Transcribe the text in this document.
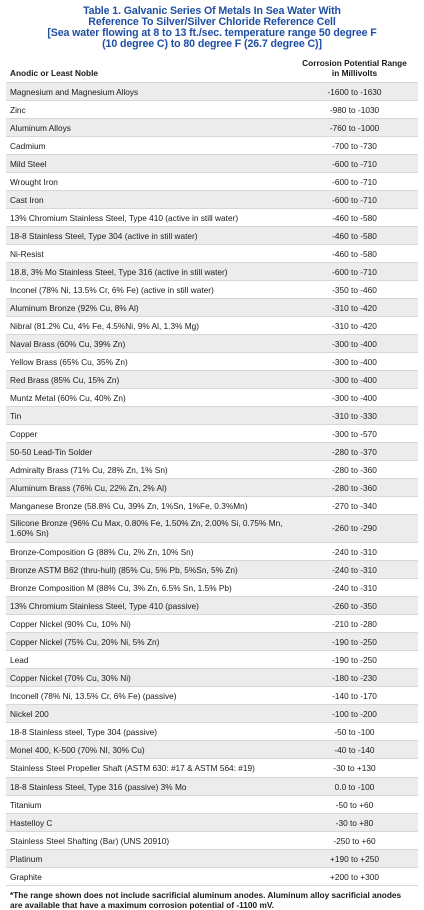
Table 1. Galvanic Series Of Metals In Sea Water With
Reference To Silver/Silver Chloride Reference Cell
[Sea water flowing at 8 to 13 ft./sec. temperature range 50 degree F
(10 degree C) to 80 degree F (26.7 degree C)]
Anodic or Least Noble	Corrosion Potential Range
in Millivolts

Magnesium and Magnesium Alloys	-1600 to -1630
Zinc	-980 to -1030
Aluminum Alloys	-760 to -1000
Cadmium	-700 to -730
Mild Steel	-600 to -710
Wrought Iron	-600 to -710
Cast Iron	-600 to -710
13% Chromium Stainless Steel, Type 410 (active in still water)	-460 to -580
18-8 Stainless Steel, Type 304 (active in still water)	-460 to -580
Ni-Resist	-460 to -580
18.8, 3% Mo Stainless Steel, Type 316 (active in still water)	-600 to -710
Inconel (78% Ni, 13.5% Cr, 6% Fe) (active in still water)	-350 to -460
Aluminum Bronze (92% Cu, 8% Al)	-310 to -420
Nibral (81.2% Cu, 4% Fe, 4.5%Ni, 9% Al, 1.3% Mg)	-310 to -420
Naval Brass (60% Cu, 39% Zn)	-300 to -400
Yellow Brass (65% Cu, 35% Zn)	-300 to -400
Red Brass (85% Cu, 15% Zn)	-300 to -400
Muntz Metal (60% Cu, 40% Zn)	-300 to -400
Tin	-310 to -330
Copper	-300 to -570
50-50 Lead-Tin Solder	-280 to -370
Admiralty Brass (71% Cu, 28% Zn, 1% Sn)	-280 to -360
Aluminum Brass (76% Cu, 22% Zn, 2% Al)	-280 to -360
Manganese Bronze (58.8% Cu, 39% Zn, 1%Sn, 1%Fe, 0.3%Mn)	-270 to -340
Silicone Bronze (96% Cu Max, 0.80% Fe, 1.50% Zn, 2.00% Si, 0.75% Mn, 1.60% Sn)	-260 to -290
Bronze-Composition G (88% Cu, 2% Zn, 10% Sn)	-240 to -310
Bronze ASTM B62 (thru-hull) (85% Cu, 5% Pb, 5%Sn, 5% Zn)	-240 to -310
Bronze Composition M (88% Cu, 3% Zn, 6.5% Sn, 1.5% Pb)	-240 to -310
13% Chromium Stainless Steel, Type 410 (passive)	-260 to -350
Copper Nickel (90% Cu, 10% Ni)	-210 to -280
Copper Nickel (75% Cu, 20% Ni, 5% Zn)	-190 to -250
Lead	-190 to -250
Copper Nickel (70% Cu, 30% Ni)	-180 to -230
Inconell (78% Ni, 13.5% Cr, 6% Fe) (passive)	-140 to -170
Nickel 200	-100 to -200
18-8 Stainless steel, Type 304 (passive)	-50 to -100
Monel 400, K-500 (70% NI, 30% Cu)	-40 to -140
Stainless Steel Propeller Shaft (ASTM 630: #17 & ASTM 564: #19)	-30 to +130
18-8 Stainless Steel, Type 316 (passive) 3% Mo	0.0 to -100
Titanium	-50 to +60
Hastelloy C	-30 to +80
Stainless Steel Shafting (Bar) (UNS 20910)	-250 to +60
Platinum	+190 to +250
Graphite	+200 to +300
*The range shown does not include sacrificial aluminum anodes. Aluminum alloy sacrificial anodes are available that have a maximum corrosion potential of -1100 mV.
